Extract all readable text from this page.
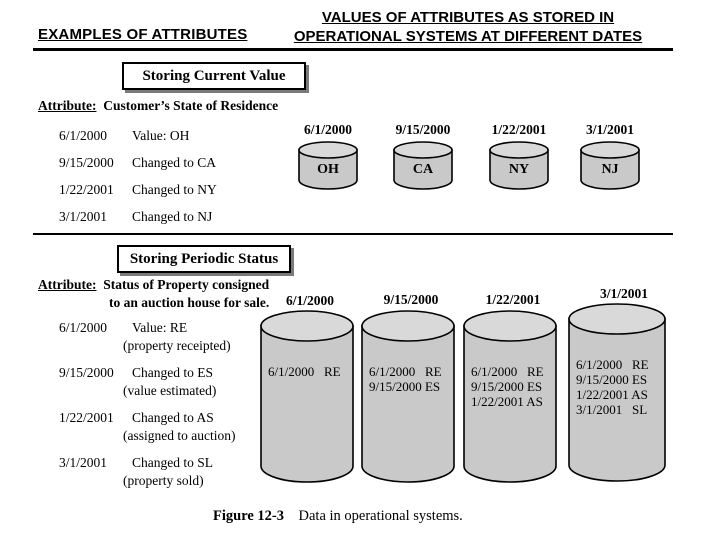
EXAMPLES OF ATTRIBUTES
VALUES OF ATTRIBUTES AS STORED IN
OPERATIONAL SYSTEMS AT DIFFERENT DATES
Storing Current Value
Attribute: Customer’s State of Residence
6/1/2000 Value: OH
9/15/2000 Changed to CA
1/22/2001 Changed to NY
3/1/2001 Changed to NJ
6/1/2000
OH
9/15/2000
CA
1/22/2001
NY
3/1/2001
NJ
Storing Periodic Status
Attribute: Status of Property consigned
to an auction house for sale.
6/1/2000 Value: RE
(property receipted)
9/15/2000 Changed to ES
(value estimated)
1/22/2001 Changed to AS
(assigned to auction)
3/1/2001 Changed to SL
(property sold)
6/1/2000
6/1/2000   RE
9/15/2000
6/1/2000   RE
9/15/2000 ES
1/22/2001
6/1/2000   RE
9/15/2000 ES
1/22/2001 AS
3/1/2001
6/1/2000   RE
9/15/2000 ES
1/22/2001 AS
3/1/2001   SL
Figure 12-3 Data in operational systems.
